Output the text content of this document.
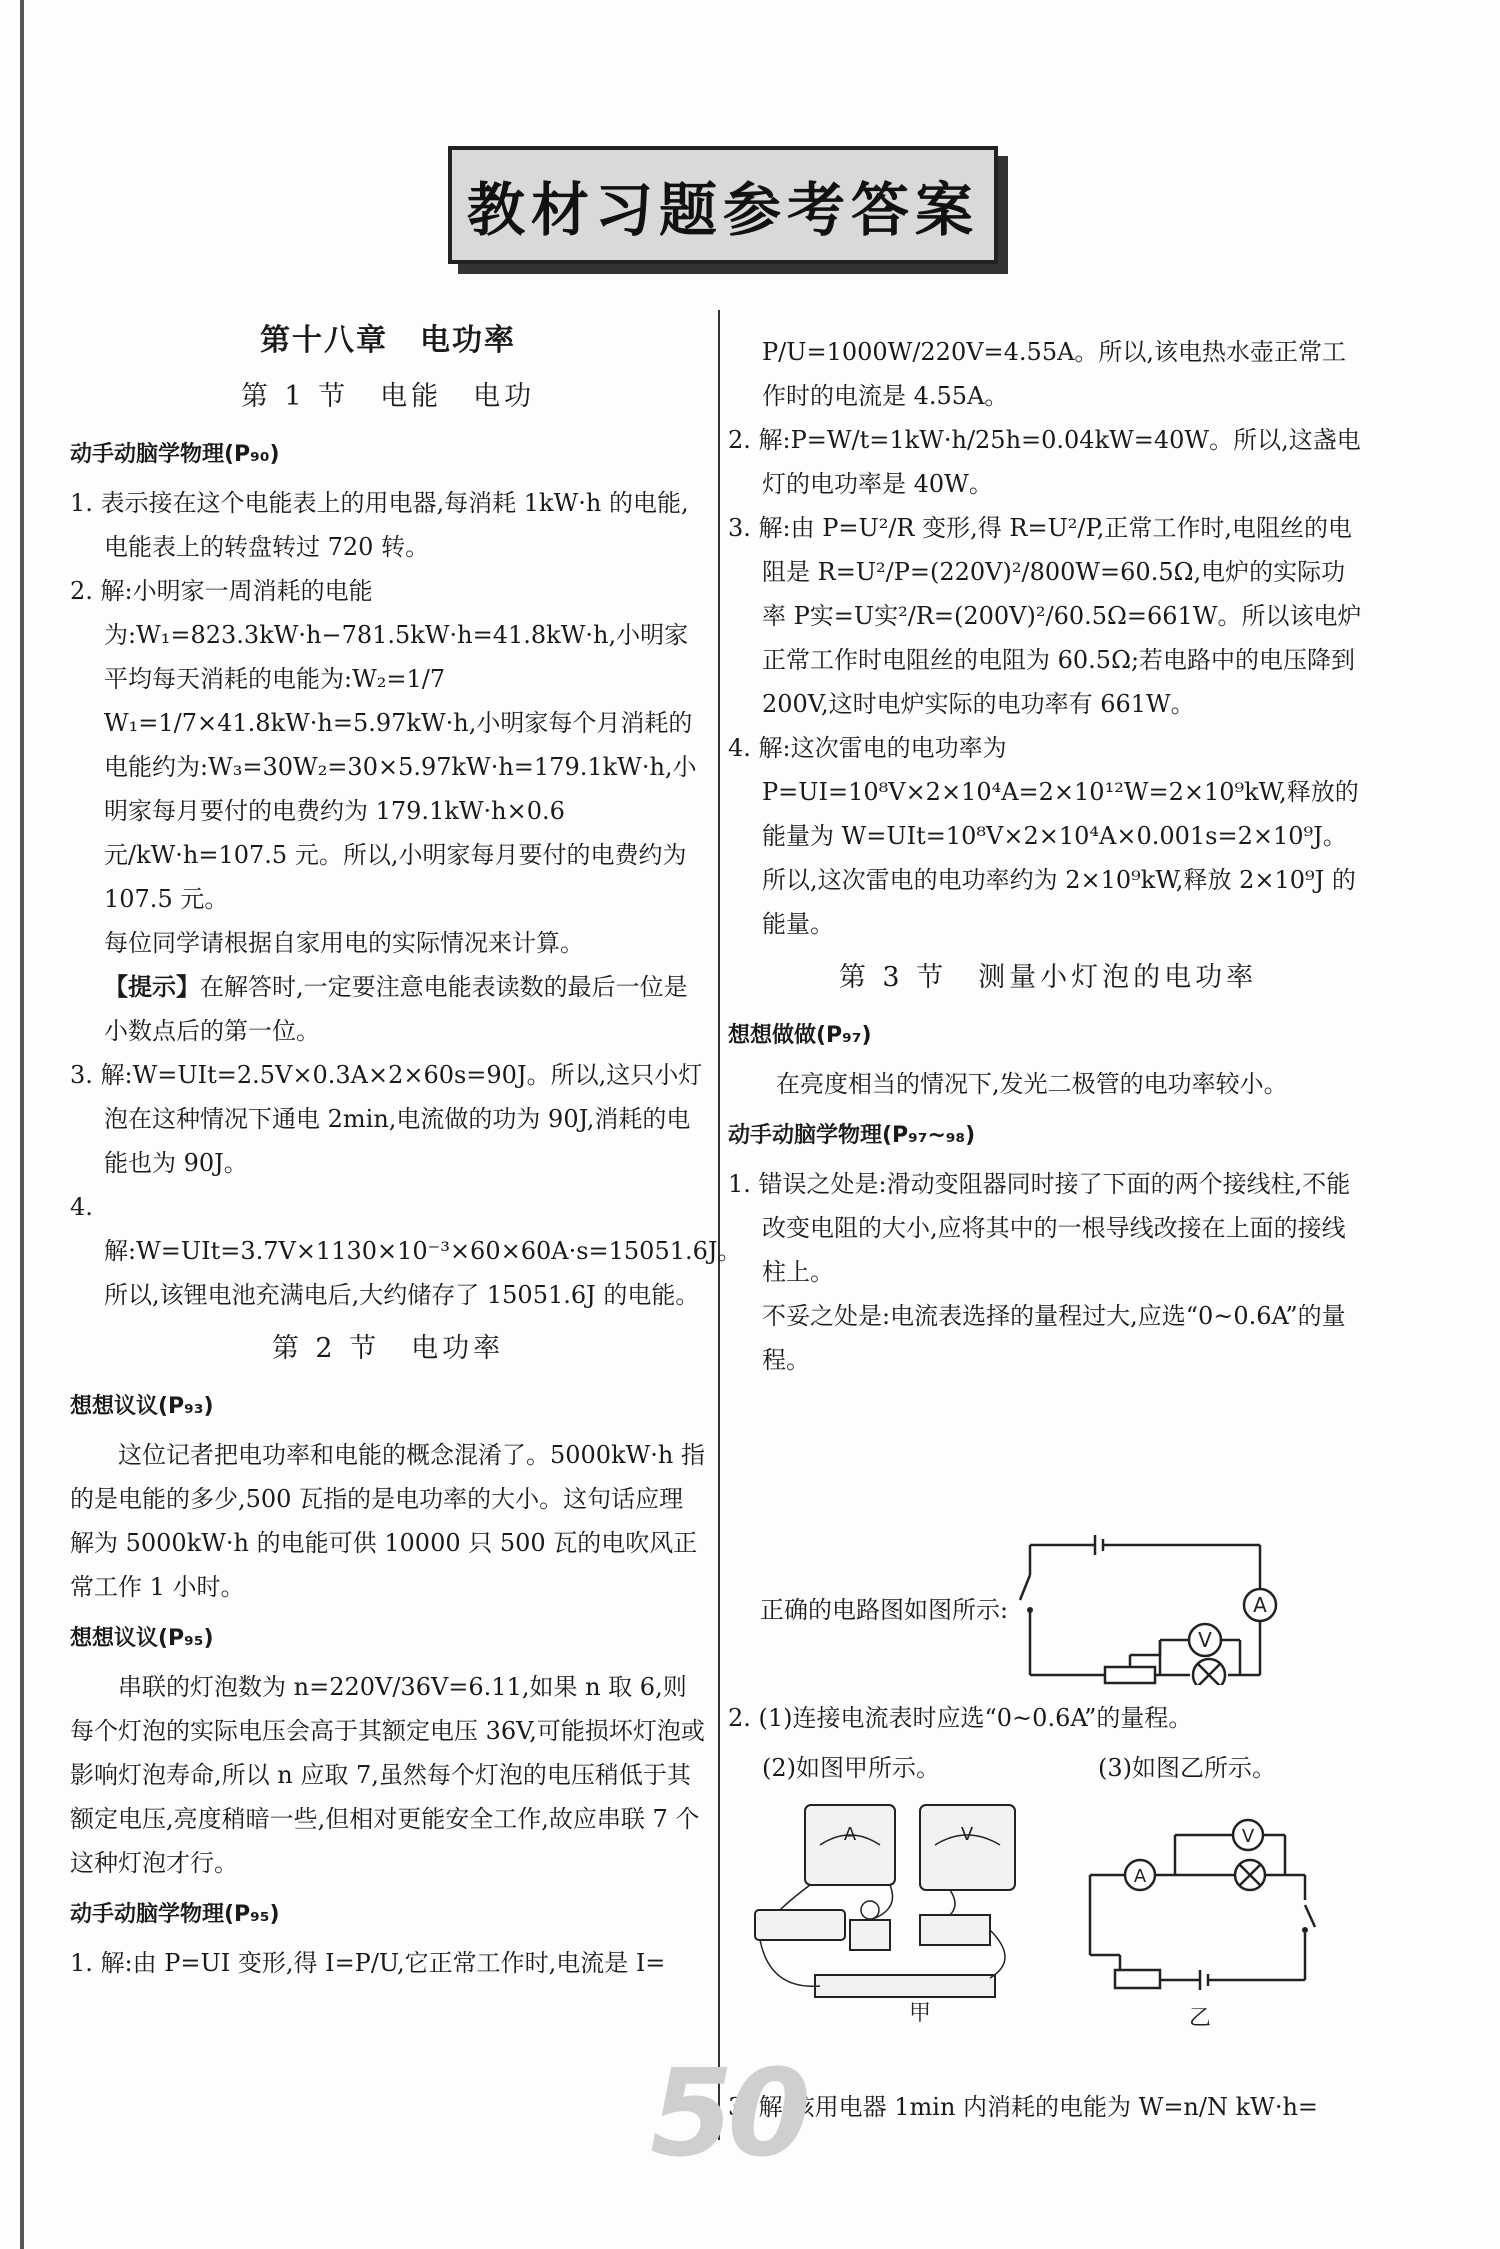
教材习题参考答案

第十八章　电功率

第 1 节　电能　电功

动手动脑学物理(P₉₀)

1. 表示接在这个电能表上的用电器,每消耗 1kW·h 的电能,电能表上的转盘转过 720 转。

2. 解:小明家一周消耗的电能为:W₁=823.3kW·h−781.5kW·h=41.8kW·h,小明家平均每天消耗的电能为:W₂=1/7 W₁=1/7×41.8kW·h=5.97kW·h,小明家每个月消耗的电能约为:W₃=30W₂=30×5.97kW·h=179.1kW·h,小明家每月要付的电费约为 179.1kW·h×0.6 元/kW·h=107.5 元。所以,小明家每月要付的电费约为 107.5 元。

每位同学请根据自家用电的实际情况来计算。

【提示】在解答时,一定要注意电能表读数的最后一位是小数点后的第一位。

3. 解:W=UIt=2.5V×0.3A×2×60s=90J。所以,这只小灯泡在这种情况下通电 2min,电流做的功为 90J,消耗的电能也为 90J。

4. 解:W=UIt=3.7V×1130×10⁻³×60×60A·s=15051.6J。所以,该锂电池充满电后,大约储存了 15051.6J 的电能。

第 2 节　电功率

想想议议(P₉₃)

这位记者把电功率和电能的概念混淆了。5000kW·h 指的是电能的多少,500 瓦指的是电功率的大小。这句话应理解为 5000kW·h 的电能可供 10000 只 500 瓦的电吹风正常工作 1 小时。

想想议议(P₉₅)

串联的灯泡数为 n=220V/36V=6.11,如果 n 取 6,则每个灯泡的实际电压会高于其额定电压 36V,可能损坏灯泡或影响灯泡寿命,所以 n 应取 7,虽然每个灯泡的电压稍低于其额定电压,亮度稍暗一些,但相对更能安全工作,故应串联 7 个这种灯泡才行。

动手动脑学物理(P₉₅)

1. 解:由 P=UI 变形,得 I=P/U,它正常工作时,电流是 I=

P/U=1000W/220V=4.55A。所以,该电热水壶正常工作时的电流是 4.55A。

2. 解:P=W/t=1kW·h/25h=0.04kW=40W。所以,这盏电灯的电功率是 40W。

3. 解:由 P=U²/R 变形,得 R=U²/P,正常工作时,电阻丝的电阻是 R=U²/P=(220V)²/800W=60.5Ω,电炉的实际功率 P实=U实²/R=(200V)²/60.5Ω=661W。所以该电炉正常工作时电阻丝的电阻为 60.5Ω;若电路中的电压降到 200V,这时电炉实际的电功率有 661W。

4. 解:这次雷电的电功率为 P=UI=10⁸V×2×10⁴A=2×10¹²W=2×10⁹kW,释放的能量为 W=UIt=10⁸V×2×10⁴A×0.001s=2×10⁹J。所以,这次雷电的电功率约为 2×10⁹kW,释放 2×10⁹J 的能量。

第 3 节　测量小灯泡的电功率

想想做做(P₉₇)

在亮度相当的情况下,发光二极管的电功率较小。

动手动脑学物理(P₉₇~₉₈)

1. 错误之处是:滑动变阻器同时接了下面的两个接线柱,不能改变电阻的大小,应将其中的一根导线改接在上面的接线柱上。

不妥之处是:电流表选择的量程过大,应选“0~0.6A”的量程。

正确的电路图如图所示:

V
A

2. (1)连接电流表时应选“0~0.6A”的量程。

(2)如图甲所示。	(3)如图乙所示。

A	V
甲
A
V
乙

3. 解:该用电器 1min 内消耗的电能为 W=n/N kW·h=

50
